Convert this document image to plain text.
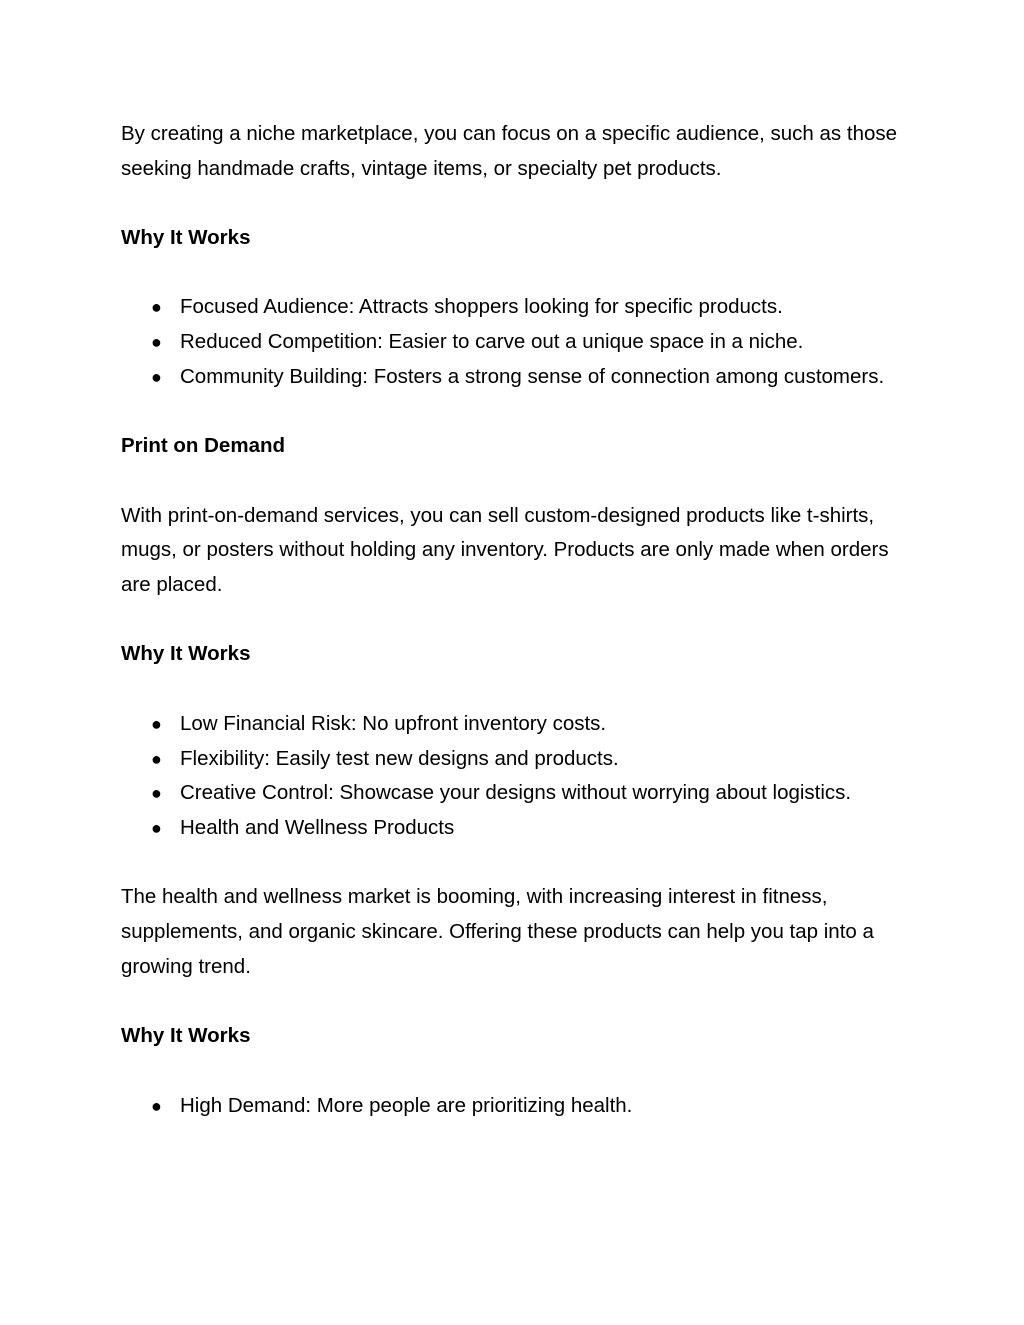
By creating a niche marketplace, you can focus on a specific audience, such as those seeking handmade crafts, vintage items, or specialty pet products.

Why It Works

● Focused Audience: Attracts shoppers looking for specific products.
● Reduced Competition: Easier to carve out a unique space in a niche.
● Community Building: Fosters a strong sense of connection among customers.

Print on Demand

With print-on-demand services, you can sell custom-designed products like t-shirts, mugs, or posters without holding any inventory. Products are only made when orders are placed.

Why It Works

● Low Financial Risk: No upfront inventory costs.
● Flexibility: Easily test new designs and products.
● Creative Control: Showcase your designs without worrying about logistics.
● Health and Wellness Products

The health and wellness market is booming, with increasing interest in fitness, supplements, and organic skincare. Offering these products can help you tap into a growing trend.

Why It Works

● High Demand: More people are prioritizing health.
